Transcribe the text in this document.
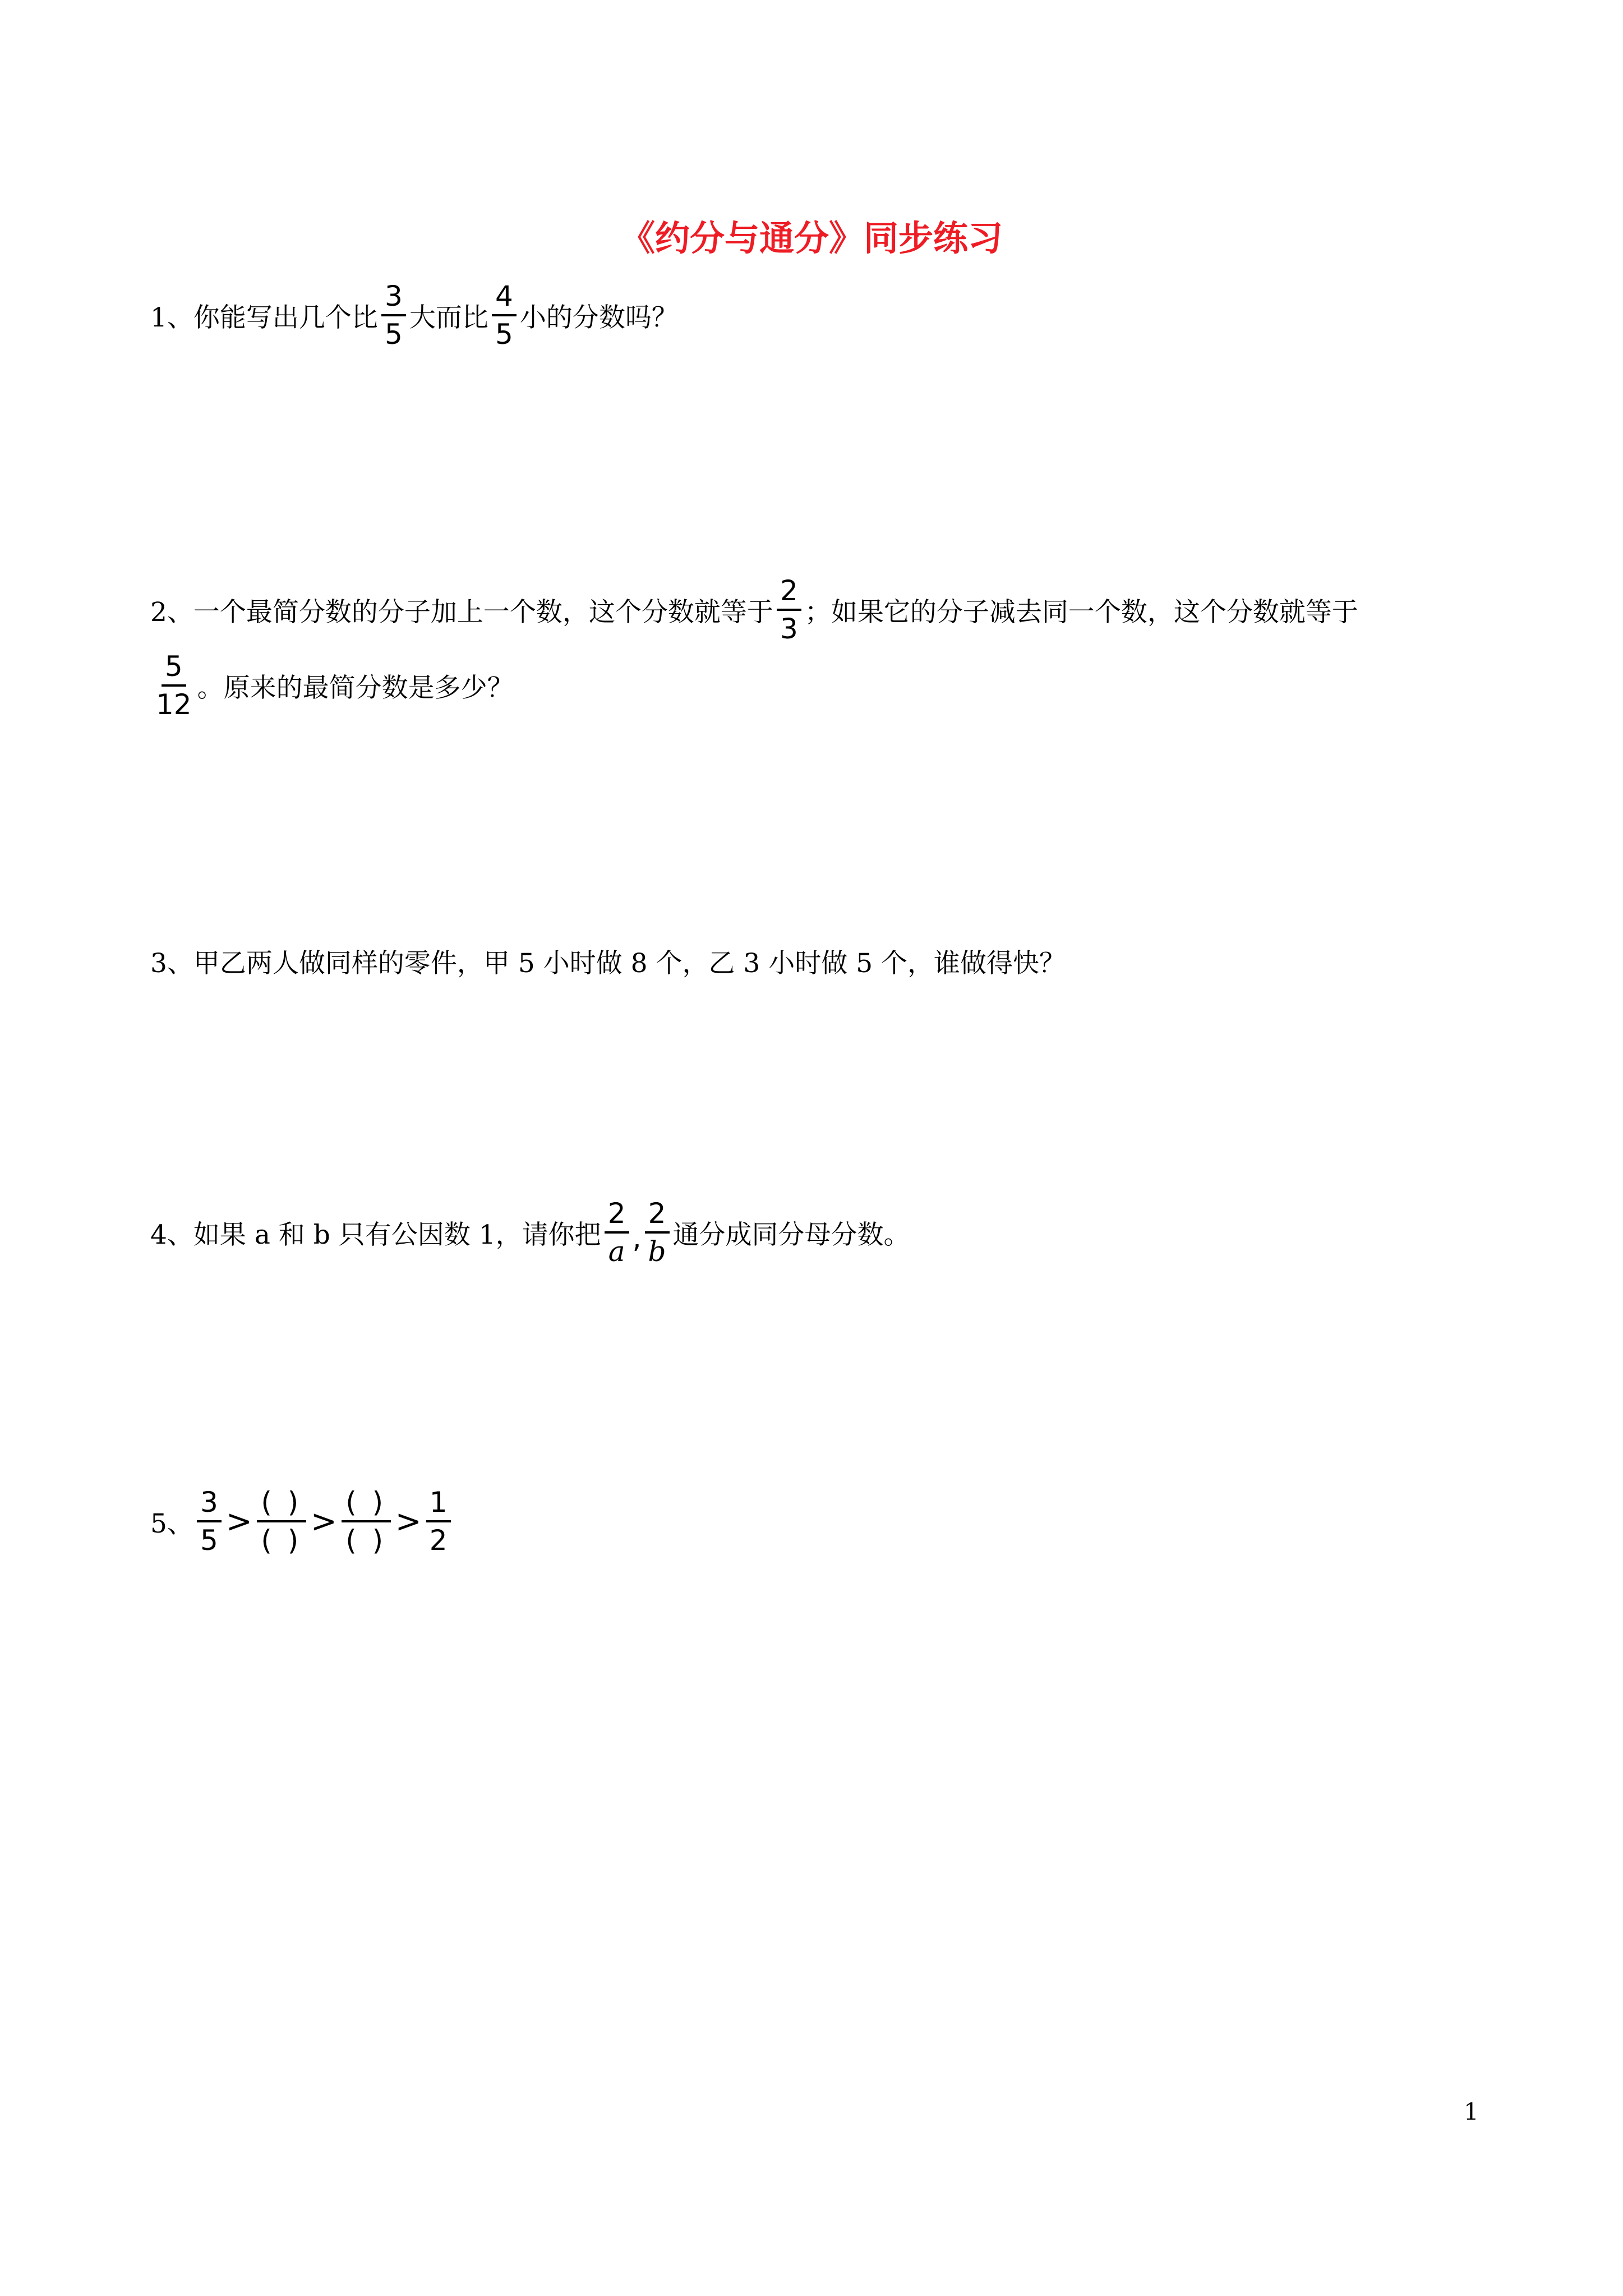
《约分与通分》同步练习
1、你能写出几个比 $\frac{3}{5}$ 大而比 $\frac{4}{5}$ 小的分数吗？
2、一个最简分数的分子加上一个数，这个分数就等于 $\frac{2}{3}$ ；如果它的分子减去同一个数，这个分数就等于
$\frac{5}{12}$ 。原来的最简分数是多少？
3、甲乙两人做同样的零件，甲 5 小时做 8 个，乙 3 小时做 5 个，谁做得快？
4、如果 a 和 b 只有公因数 1，请你把 $\frac{2}{a}$ , $\frac{2}{b}$ 通分成同分母分数。
5、 $\frac{3}{5} > \frac{( )}{( )} > \frac{( )}{( )} > \frac{1}{2}$
1
